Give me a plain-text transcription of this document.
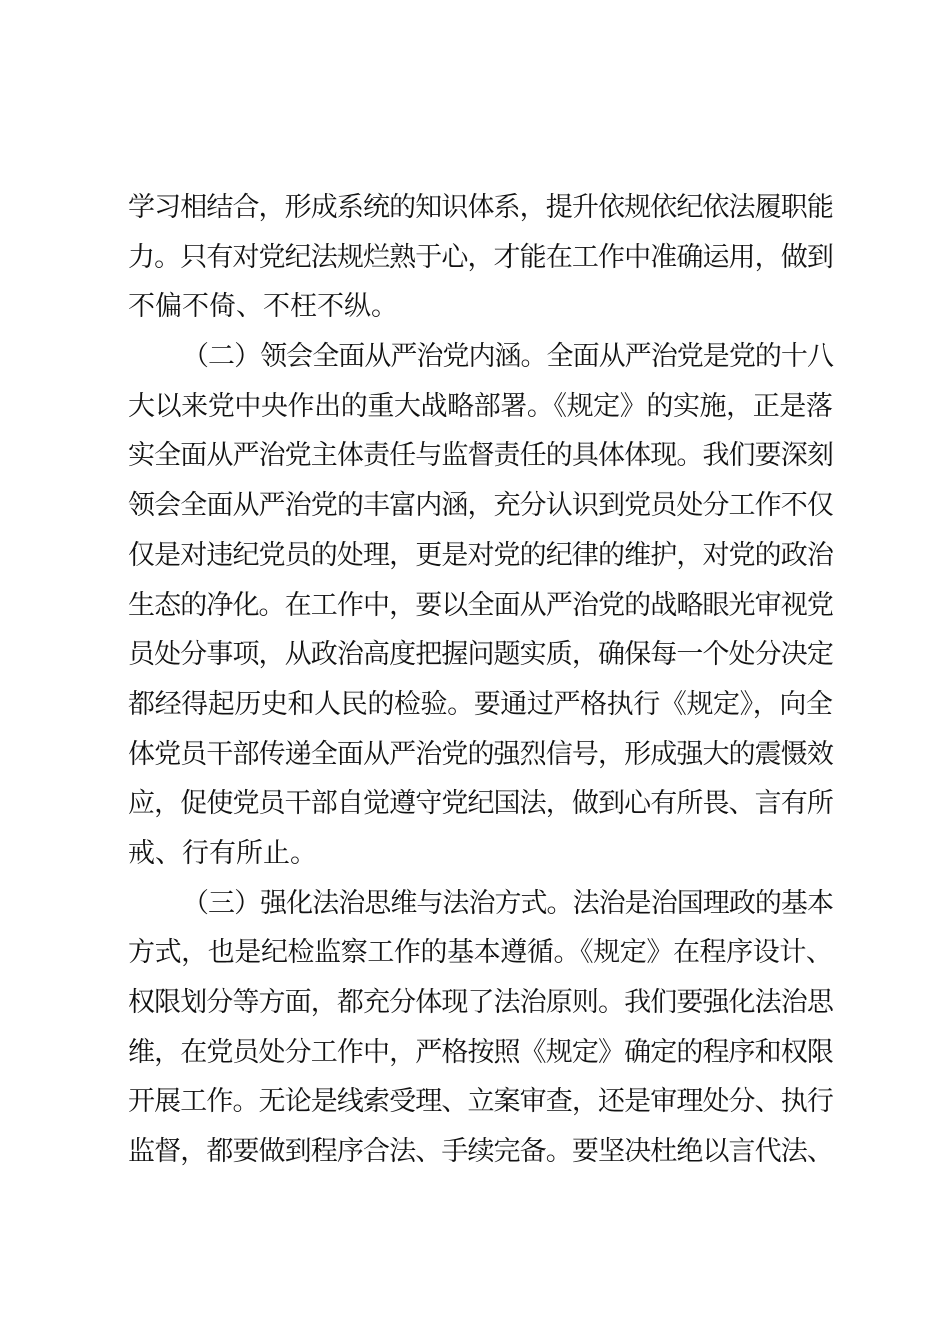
学习相结合，形成系统的知识体系，提升依规依纪依法履职能
力。只有对党纪法规烂熟于心，才能在工作中准确运用，做到
不偏不倚、不枉不纵。
（二）领会全面从严治党内涵。全面从严治党是党的十八
大以来党中央作出的重大战略部署。《规定》的实施，正是落
实全面从严治党主体责任与监督责任的具体体现。我们要深刻
领会全面从严治党的丰富内涵，充分认识到党员处分工作不仅
仅是对违纪党员的处理，更是对党的纪律的维护，对党的政治
生态的净化。在工作中，要以全面从严治党的战略眼光审视党
员处分事项，从政治高度把握问题实质，确保每一个处分决定
都经得起历史和人民的检验。要通过严格执行《规定》，向全
体党员干部传递全面从严治党的强烈信号，形成强大的震慑效
应，促使党员干部自觉遵守党纪国法，做到心有所畏、言有所
戒、行有所止。
（三）强化法治思维与法治方式。法治是治国理政的基本
方式，也是纪检监察工作的基本遵循。《规定》在程序设计、
权限划分等方面，都充分体现了法治原则。我们要强化法治思
维，在党员处分工作中，严格按照《规定》确定的程序和权限
开展工作。无论是线索受理、立案审查，还是审理处分、执行
监督，都要做到程序合法、手续完备。要坚决杜绝以言代法、
